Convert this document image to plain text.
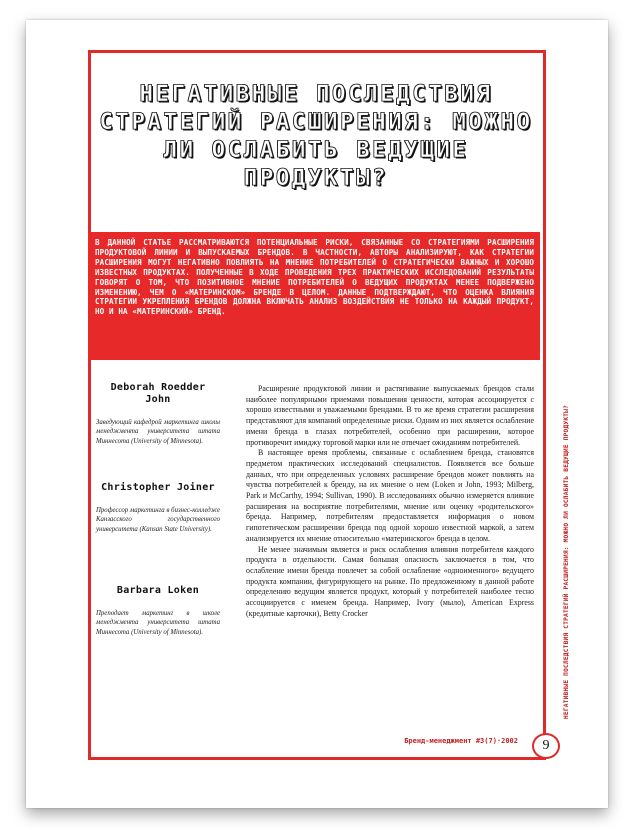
НЕГАТИВНЫЕ ПОСЛЕДСТВИЯ СТРАТЕГИЙ РАСШИРЕНИЯ: МОЖНО ЛИ ОСЛАБИТЬ ВЕДУЩИЕ ПРОДУКТЫ?

В ДАННОЙ СТАТЬЕ РАССМАТРИВАЮТСЯ ПОТЕНЦИАЛЬНЫЕ РИСКИ, СВЯЗАННЫЕ СО СТРАТЕГИЯМИ РАСШИРЕНИЯ ПРОДУКТОВОЙ ЛИНИИ И ВЫПУСКАЕМЫХ БРЕНДОВ. В ЧАСТНОСТИ, АВТОРЫ АНАЛИЗИРУЮТ, КАК СТРАТЕГИИ РАСШИРЕНИЯ МОГУТ НЕГАТИВНО ПОВЛИЯТЬ НА МНЕНИЕ ПОТРЕБИТЕЛЕЙ О СТРАТЕГИЧЕСКИ ВАЖНЫХ И ХОРОШО ИЗВЕСТНЫХ ПРОДУКТАХ. ПОЛУЧЕННЫЕ В ХОДЕ ПРОВЕДЕНИЯ ТРЕХ ПРАКТИЧЕСКИХ ИССЛЕДОВАНИЙ РЕЗУЛЬТАТЫ ГОВОРЯТ О ТОМ, ЧТО ПОЗИТИВНОЕ МНЕНИЕ ПОТРЕБИТЕЛЕЙ О ВЕДУЩИХ ПРОДУКТАХ МЕНЕЕ ПОДВЕРЖЕНО ИЗМЕНЕНИЮ, ЧЕМ О «МАТЕРИНСКОМ» БРЕНДЕ В ЦЕЛОМ. ДАННЫЕ ПОДТВЕРЖДАЮТ, ЧТО ОЦЕНКА ВЛИЯНИЯ СТРАТЕГИИ УКРЕПЛЕНИЯ БРЕНДОВ ДОЛЖНА ВКЛЮЧАТЬ АНАЛИЗ ВОЗДЕЙСТВИЯ НЕ ТОЛЬКО НА КАЖДЫЙ ПРОДУКТ, НО И НА «МАТЕРИНСКИЙ» БРЕНД.

Deborah Roedder John
Заведующий кафедрой маркетинга школы менеджмента университета штата Миннесота (University of Minnesota).
Christopher Joiner
Профессор маркетинга в бизнес-колледже Канзасского государственного университета (Kansan State University).
Barbara Loken
Преподает маркетинг в школе менеджмента университета штата Миннесота (University of Minnesota).

Расширение продуктовой линии и растягивание выпускаемых брендов стали наиболее популярными приемами повышения ценности, которая ассоциируется с хорошо известными и уважаемыми брендами. В то же время стратегии расширения представляют для компаний определенные риски. Одним из них является ослабление имени бренда в глазах потребителей, особенно при расширении, которое противоречит имиджу торговой марки или не отвечает ожиданиям потребителей.

В настоящее время проблемы, связанные с ослаблением бренда, становятся предметом практических исследований специалистов. Появляется все больше данных, что при определенных условиях расширение брендов может повлиять на чувства потребителей к бренду, на их мнение о нем (Loken и John, 1993; Milberg, Park и McCarthy, 1994; Sullivan, 1990). В исследованиях обычно измеряется влияние расширения на восприятие потребителями, мнение или оценку «родительского» бренда. Например, потребителям предоставляется информация о новом гипотетическом расширении бренда под одной хорошо известной маркой, а затем анализируется их мнение относительно «материнского» бренда в целом.

Не менее значимым является и риск ослабления влияния потребителя каждого продукта в отдельности. Самая большая опасность заключается в том, что ослабление имени бренда повлечет за собой ослабление «одноименного» ведущего продукта компании, фигурирующего на рынке. По предложенному в данной работе определению ведущим является продукт, который у потребителей наиболее тесно ассоциируется с именем бренда. Например, Ivory (мыло), American Express (кредитные карточки), Betty Crocker	НЕГАТИВНЫЕ ПОСЛЕДСТВИЯ СТРАТЕГИЙ РАСШИРЕНИЯ: МОЖНО ЛИ ОСЛАБИТЬ ВЕДУЩИЕ ПРОДУКТЫ?
Бренд-менеджмент #3(7)·2002	9
